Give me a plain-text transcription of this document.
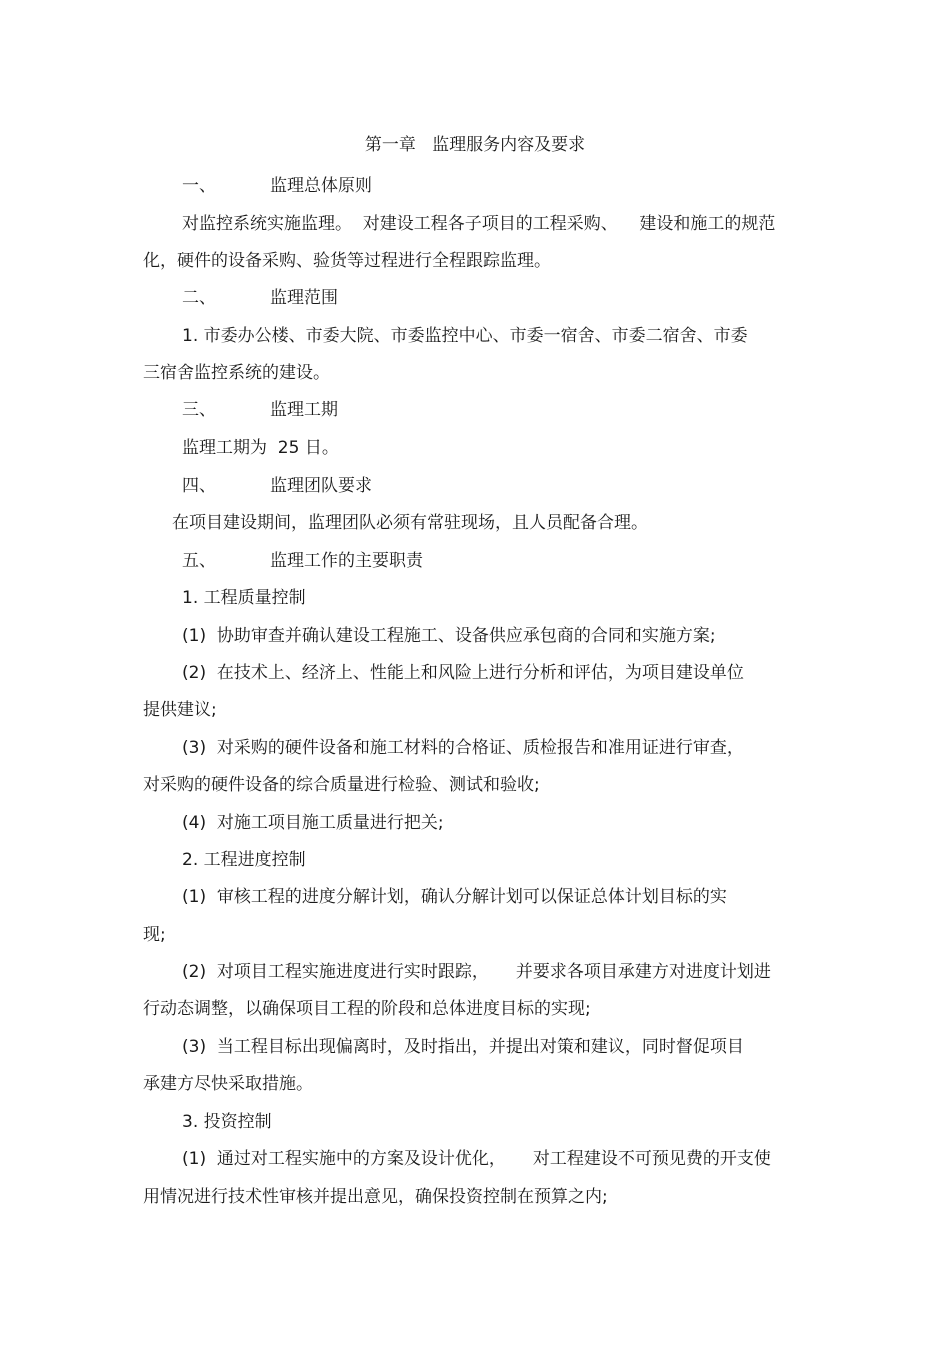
第一章   监理服务内容及要求
一、          监理总体原则
对监控系统实施监理。  对建设工程各子项目的工程采购、    建设和施工的规范
化，硬件的设备采购、验货等过程进行全程跟踪监理。
二、          监理范围
1. 市委办公楼、市委大院、市委监控中心、市委一宿舍、市委二宿舍、市委
三宿舍监控系统的建设。
三、          监理工期
监理工期为  25 日。
四、          监理团队要求
在项目建设期间，监理团队必须有常驻现场，且人员配备合理。
五、          监理工作的主要职责
1. 工程质量控制
(1)  协助审查并确认建设工程施工、设备供应承包商的合同和实施方案;
(2)  在技术上、经济上、性能上和风险上进行分析和评估，为项目建设单位
提供建议;
(3)  对采购的硬件设备和施工材料的合格证、质检报告和准用证进行审查，
对采购的硬件设备的综合质量进行检验、测试和验收;
(4)  对施工项目施工质量进行把关;
2. 工程进度控制
(1)  审核工程的进度分解计划，确认分解计划可以保证总体计划目标的实
现;
(2)  对项目工程实施进度进行实时跟踪，     并要求各项目承建方对进度计划进
行动态调整，以确保项目工程的阶段和总体进度目标的实现;
(3)  当工程目标出现偏离时，及时指出，并提出对策和建议，同时督促项目
承建方尽快采取措施。
3. 投资控制
(1)  通过对工程实施中的方案及设计优化，     对工程建设不可预见费的开支使
用情况进行技术性审核并提出意见，确保投资控制在预算之内;
